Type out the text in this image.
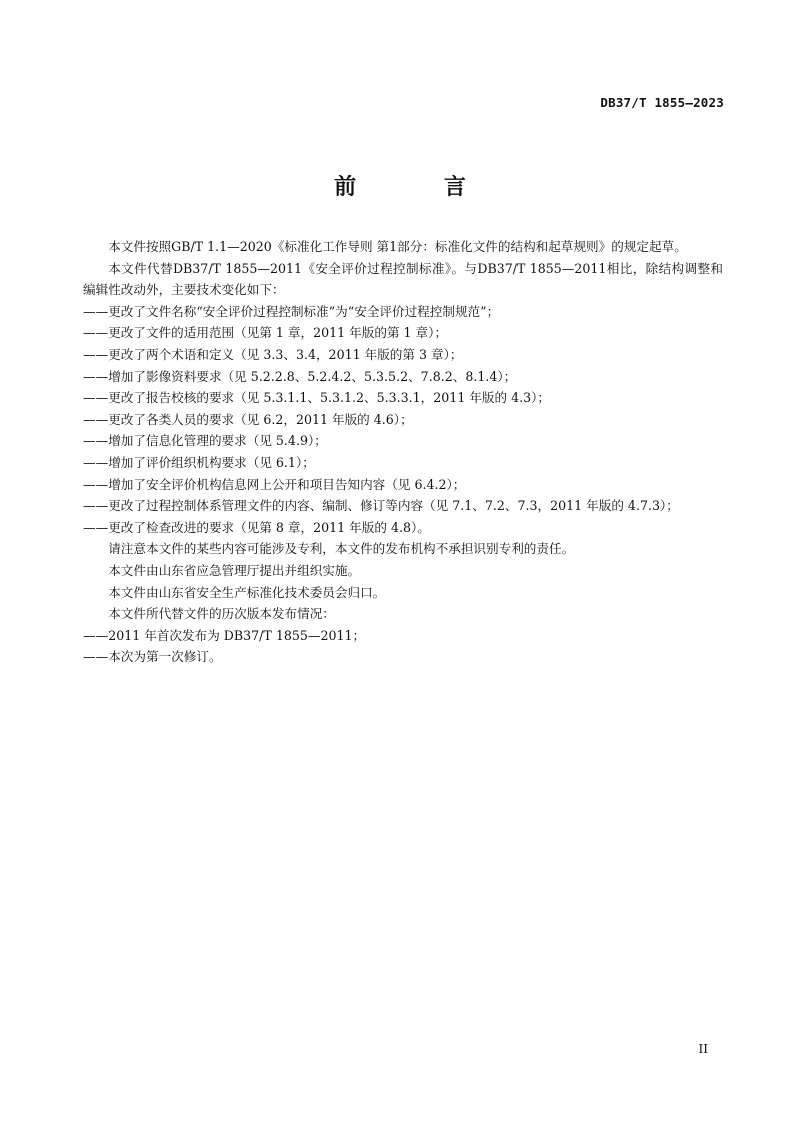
DB37/T 1855—2023
前 言

本文件按照GB/T 1.1—2020《标准化工作导则 第1部分：标准化文件的结构和起草规则》的规定起草。

本文件代替DB37/T 1855—2011《安全评价过程控制标准》。与DB37/T 1855—2011相比，除结构调整和编辑性改动外，主要技术变化如下：

——更改了文件名称“安全评价过程控制标准”为“安全评价过程控制规范”；

——更改了文件的适用范围（见第 1 章，2011 年版的第 1 章）；

——更改了两个术语和定义（见 3.3、3.4，2011 年版的第 3 章）；

——增加了影像资料要求（见 5.2.2.8、5.2.4.2、5.3.5.2、7.8.2、8.1.4）；

——更改了报告校核的要求（见 5.3.1.1、5.3.1.2、5.3.3.1，2011 年版的 4.3）；

——更改了各类人员的要求（见 6.2，2011 年版的 4.6）；

——增加了信息化管理的要求（见 5.4.9）；

——增加了评价组织机构要求（见 6.1）；

——增加了安全评价机构信息网上公开和项目告知内容（见 6.4.2）；

——更改了过程控制体系管理文件的内容、编制、修订等内容（见 7.1、7.2、7.3，2011 年版的 4.7.3）；

——更改了检查改进的要求（见第 8 章，2011 年版的 4.8）。

请注意本文件的某些内容可能涉及专利，本文件的发布机构不承担识别专利的责任。

本文件由山东省应急管理厅提出并组织实施。

本文件由山东省安全生产标准化技术委员会归口。

本文件所代替文件的历次版本发布情况：

——2011 年首次发布为 DB37/T 1855—2011；

——本次为第一次修订。

II
